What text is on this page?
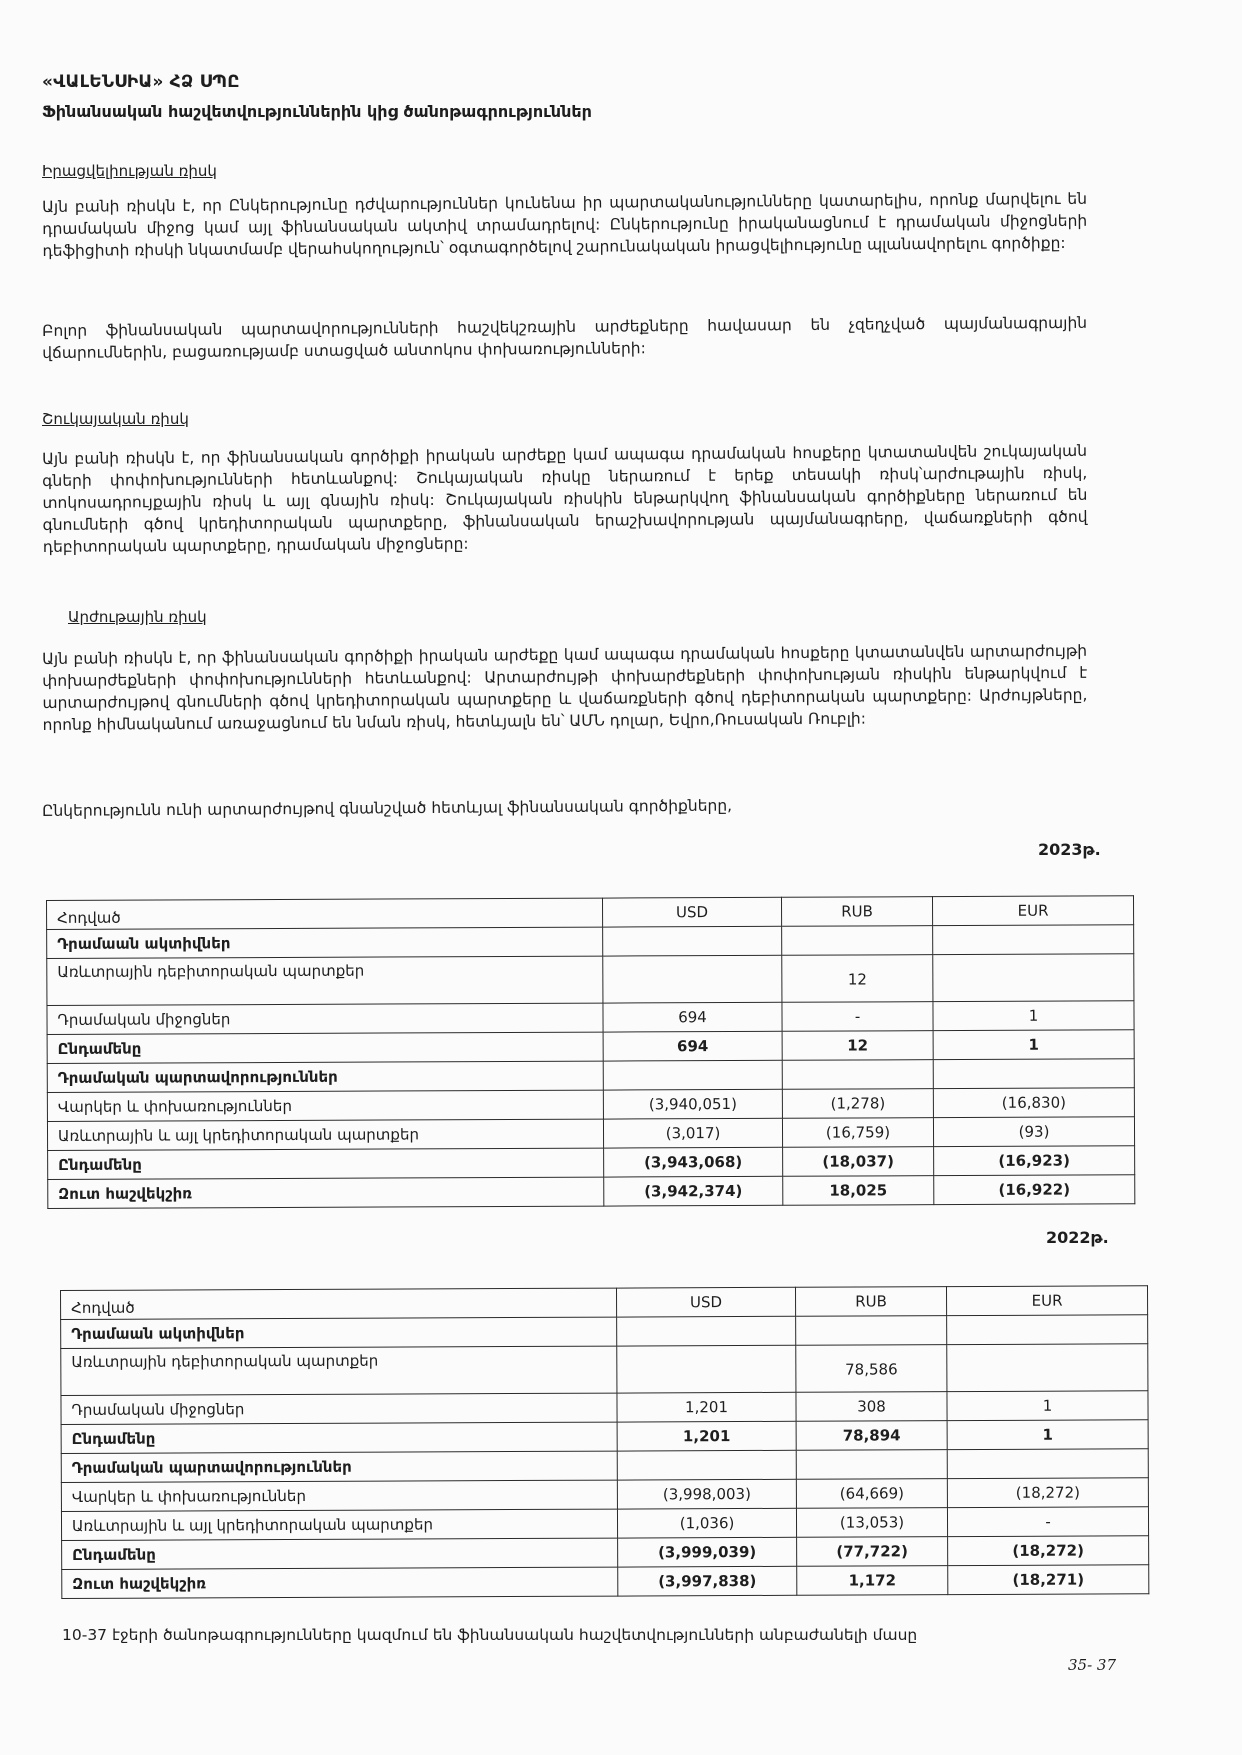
«ՎԱԼԵՆՍԻԱ» ՀՁ ՍՊԸ
Ֆինանսական հաշվետվություններին կից ծանոթագրություններ
Իրացվելիության ռիսկ
Այն բանի ռիսկն է, որ Ընկերությունը դժվարություններ կունենա իր պարտականությունները կատարելիս, որոնք մարվելու են դրամական միջոց կամ այլ ֆինանսական ակտիվ տրամադրելով: Ընկերությունը իրականացնում է դրամական միջոցների դեֆիցիտի ռիսկի նկատմամբ վերահսկողություն՝ օգտագործելով շարունակական իրացվելիությունը պլանավորելու գործիքը:
Բոլոր ֆինանսական պարտավորությունների հաշվեկշռային արժեքները հավասար են չզեղչված պայմանագրային վճարումներին, բացառությամբ ստացված անտոկոս փոխառությունների:
Շուկայական ռիսկ
Այն բանի ռիսկն է, որ ֆինանսական գործիքի իրական արժեքը կամ ապագա դրամական հոսքերը կտատանվեն շուկայական գների փոփոխությունների հետևանքով: Շուկայական ռիսկը ներառում է երեք տեսակի ռիսկ՝արժութային ռիսկ, տոկոսադրույքային ռիսկ և այլ գնային ռիսկ: Շուկայական ռիսկին ենթարկվող ֆինանսական գործիքները ներառում են գնումների գծով կրեդիտորական պարտքերը, ֆինանսական երաշխավորության պայմանագրերը, վաճառքների գծով դեբիտորական պարտքերը, դրամական միջոցները:
Արժութային ռիսկ
Այն բանի ռիսկն է, որ ֆինանսական գործիքի իրական արժեքը կամ ապագա դրամական հոսքերը կտատանվեն արտարժույթի փոխարժեքների փոփոխությունների հետևանքով: Արտարժույթի փոխարժեքների փոփոխության ռիսկին ենթարկվում է արտարժույթով գնումների գծով կրեդիտորական պարտքերը և վաճառքների գծով դեբիտորական պարտքերը: Արժույթները, որոնք հիմնականում առաջացնում են նման ռիսկ, հետևյալն են՝ ԱՄՆ դոլար, Եվրո,Ռուսական Ռուբլի:
Ընկերությունն ունի արտարժույթով գնանշված հետևյալ ֆինանսական գործիքները,
2023թ.
Հոդված	USD	RUB	EUR
Դրամաան ակտիվներ			
Առևտրային դեբիտորական պարտքեր		12	
Դրամական միջոցներ	694	-	1
Ընդամենը	694	12	1
Դրամական պարտավորություններ			
Վարկեր և փոխառություններ	(3,940,051)	(1,278)	(16,830)
Առևտրային և այլ կրեդիտորական պարտքեր	(3,017)	(16,759)	(93)
Ընդամենը	(3,943,068)	(18,037)	(16,923)
Զուտ հաշվեկշիռ	(3,942,374)	18,025	(16,922)
2022թ.
Հոդված	USD	RUB	EUR
Դրամաան ակտիվներ			
Առևտրային դեբիտորական պարտքեր		78,586	
Դրամական միջոցներ	1,201	308	1
Ընդամենը	1,201	78,894	1
Դրամական պարտավորություններ			
Վարկեր և փոխառություններ	(3,998,003)	(64,669)	(18,272)
Առևտրային և այլ կրեդիտորական պարտքեր	(1,036)	(13,053)	-
Ընդամենը	(3,999,039)	(77,722)	(18,272)
Զուտ հաշվեկշիռ	(3,997,838)	1,172	(18,271)
10-37 էջերի ծանոթագրությունները կազմում են ֆինանսական հաշվետվությունների անբաժանելի մասը
35- 37
